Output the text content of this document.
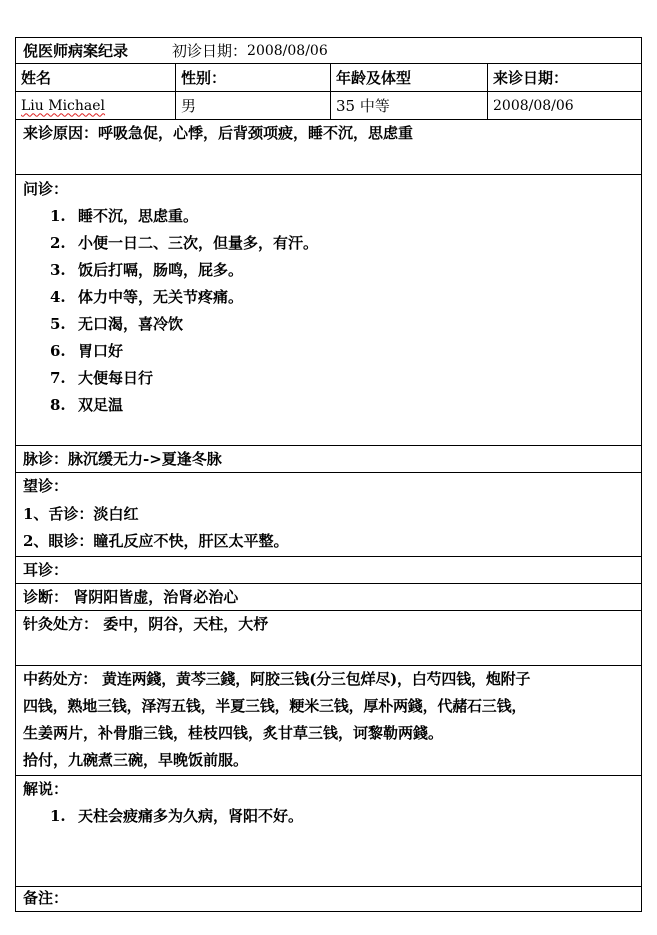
倪医师病案纪录	初诊日期： 2008/08/06
姓名	性别：	年龄及体型	来诊日期：
Liu Michael	男	35 中等	2008/08/06
来诊原因：呼吸急促，心悸，后背颈项疲，睡不沉，思虑重
问诊：
1. 睡不沉，思虑重。
2. 小便一日二、三次，但量多，有汗。
3. 饭后打嗝，肠鸣，屁多。
4. 体力中等，无关节疼痛。
5. 无口渴，喜冷饮
6. 胃口好
7. 大便每日行
8. 双足温
脉诊：脉沉缓无力->夏逢冬脉
望诊：
1、舌诊：淡白红
2、眼诊：瞳孔反应不快，肝区太平整。
耳诊：
诊断： 肾阴阳皆虚，治肾必治心
针灸处方： 委中，阴谷，天柱，大杼
中药处方： 黄连两錢，黄芩三錢，阿胶三钱(分三包烊尽)，白芍四钱，炮附子
四钱，熟地三钱，泽泻五钱，半夏三钱，粳米三钱，厚朴两錢，代赭石三钱，
生姜两片，补骨脂三钱，桂枝四钱，炙甘草三钱，诃黎勒两錢。
拾付，九碗煮三碗，早晚饭前服。
解说：
1. 天柱会疲痛多为久病，肾阳不好。
备注：
